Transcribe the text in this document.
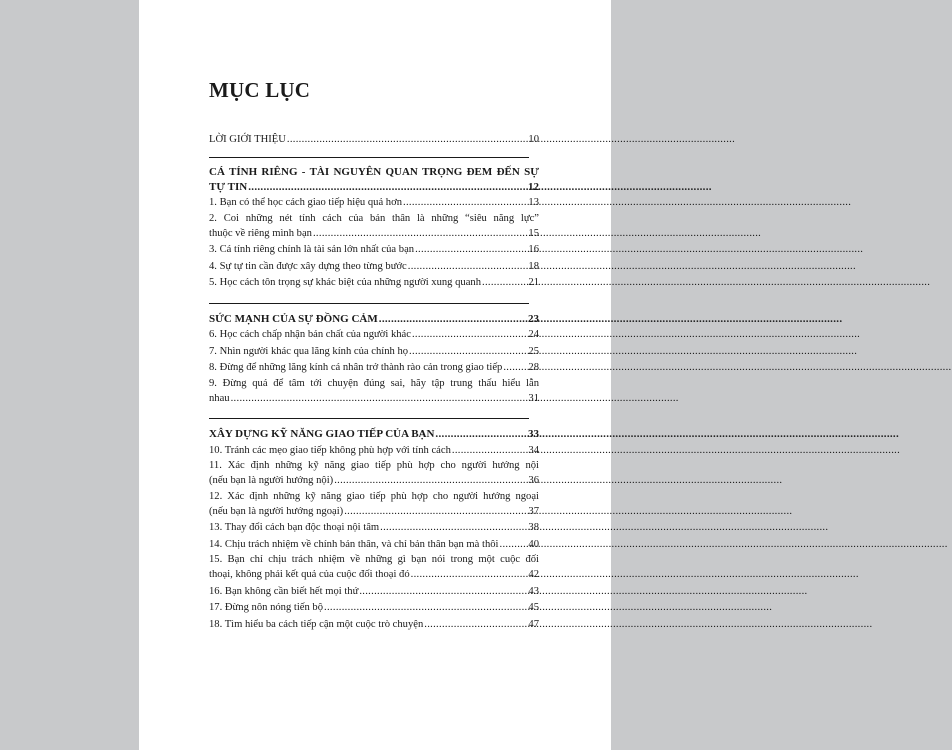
MỤC LỤC
LỜI GIỚI THIỆU .....	10
CÁ TÍNH RIÊNG - TÀI NGUYÊN QUAN TRỌNG ĐEM ĐẾN SỰ
TỰ TIN .....	12
1. Bạn có thể học cách giao tiếp hiệu quả hơn .....	13
2. Coi những nét tính cách của bản thân là những “siêu năng lực”
thuộc về riêng mình bạn .....	15
3. Cá tính riêng chính là tài sản lớn nhất của bạn .....	16
4. Sự tự tin cần được xây dựng theo từng bước .....	18
5. Học cách tôn trọng sự khác biệt của những người xung quanh .....	21
SỨC MẠNH CỦA SỰ ĐỒNG CẢM .....	23
6. Học cách chấp nhận bản chất của người khác .....	24
7. Nhìn người khác qua lăng kính của chính họ .....	25
8. Đừng để những lăng kính cá nhân trở thành rào cản trong giao tiếp ..... 28
9. Đừng quá để tâm tới chuyện đúng sai, hãy tập trung thấu hiểu lẫn
nhau .....	31
XÂY DỰNG KỸ NĂNG GIAO TIẾP CỦA BẠN .....	33
10. Tránh các mẹo giao tiếp không phù hợp với tính cách .....	34
11. Xác định những kỹ năng giao tiếp phù hợp cho người hướng nội
(nếu bạn là người hướng nội) .....	36
12. Xác định những kỹ năng giao tiếp phù hợp cho người hướng ngoại
(nếu bạn là người hướng ngoại) .....	37
13. Thay đổi cách bạn độc thoại nội tâm .....	38
14. Chịu trách nhiệm về chính bản thân, và chỉ bản thân bạn mà thôi .....	40
15. Bạn chỉ chịu trách nhiệm về những gì bạn nói trong một cuộc đối
thoại, không phải kết quả của cuộc đối thoại đó .....	42
16. Bạn không cần biết hết mọi thứ .....	43
17. Đừng nôn nóng tiến bộ .....	45
18. Tìm hiểu ba cách tiếp cận một cuộc trò chuyện .....	47
